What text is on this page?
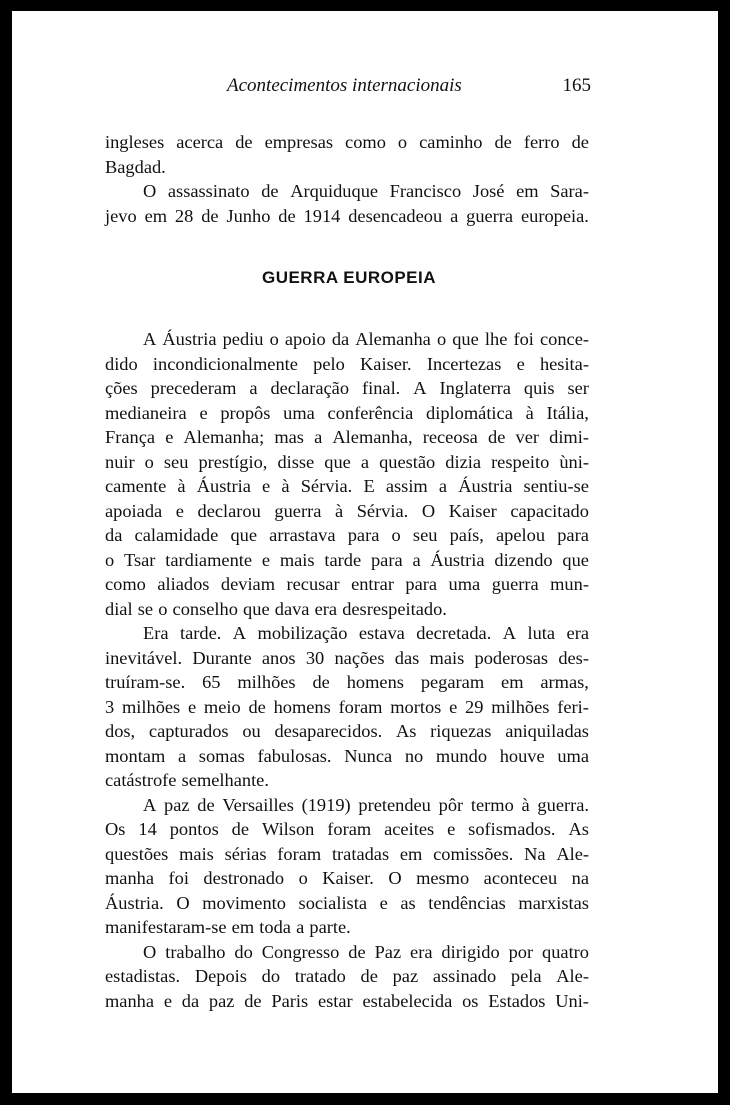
Acontecimentos internacionais	165
ingleses acerca de empresas como o caminho de ferro de
Bagdad.
O assassinato de Arquiduque Francisco José em Sara-
jevo em 28 de Junho de 1914 desencadeou a guerra europeia.
GUERRA EUROPEIA
A Áustria pediu o apoio da Alemanha o que lhe foi conce-
dido incondicionalmente pelo Kaiser. Incertezas e hesita-
ções precederam a declaração final. A Inglaterra quis ser
medianeira e propôs uma conferência diplomática à Itália,
França e Alemanha; mas a Alemanha, receosa de ver dimi-
nuir o seu prestígio, disse que a questão dizia respeito ùni-
camente à Áustria e à Sérvia. E assim a Áustria sentiu-se
apoiada e declarou guerra à Sérvia. O Kaiser capacitado
da calamidade que arrastava para o seu país, apelou para
o Tsar tardiamente e mais tarde para a Áustria dizendo que
como aliados deviam recusar entrar para uma guerra mun-
dial se o conselho que dava era desrespeitado.
Era tarde. A mobilização estava decretada. A luta era
inevitável. Durante anos 30 nações das mais poderosas des-
truíram-se. 65 milhões de homens pegaram em armas,
3 milhões e meio de homens foram mortos e 29 milhões feri-
dos, capturados ou desaparecidos. As riquezas aniquiladas
montam a somas fabulosas. Nunca no mundo houve uma
catástrofe semelhante.
A paz de Versailles (1919) pretendeu pôr termo à guerra.
Os 14 pontos de Wilson foram aceites e sofismados. As
questões mais sérias foram tratadas em comissões. Na Ale-
manha foi destronado o Kaiser. O mesmo aconteceu na
Áustria. O movimento socialista e as tendências marxistas
manifestaram-se em toda a parte.
O trabalho do Congresso de Paz era dirigido por quatro
estadistas. Depois do tratado de paz assinado pela Ale-
manha e da paz de Paris estar estabelecida os Estados Uni-
